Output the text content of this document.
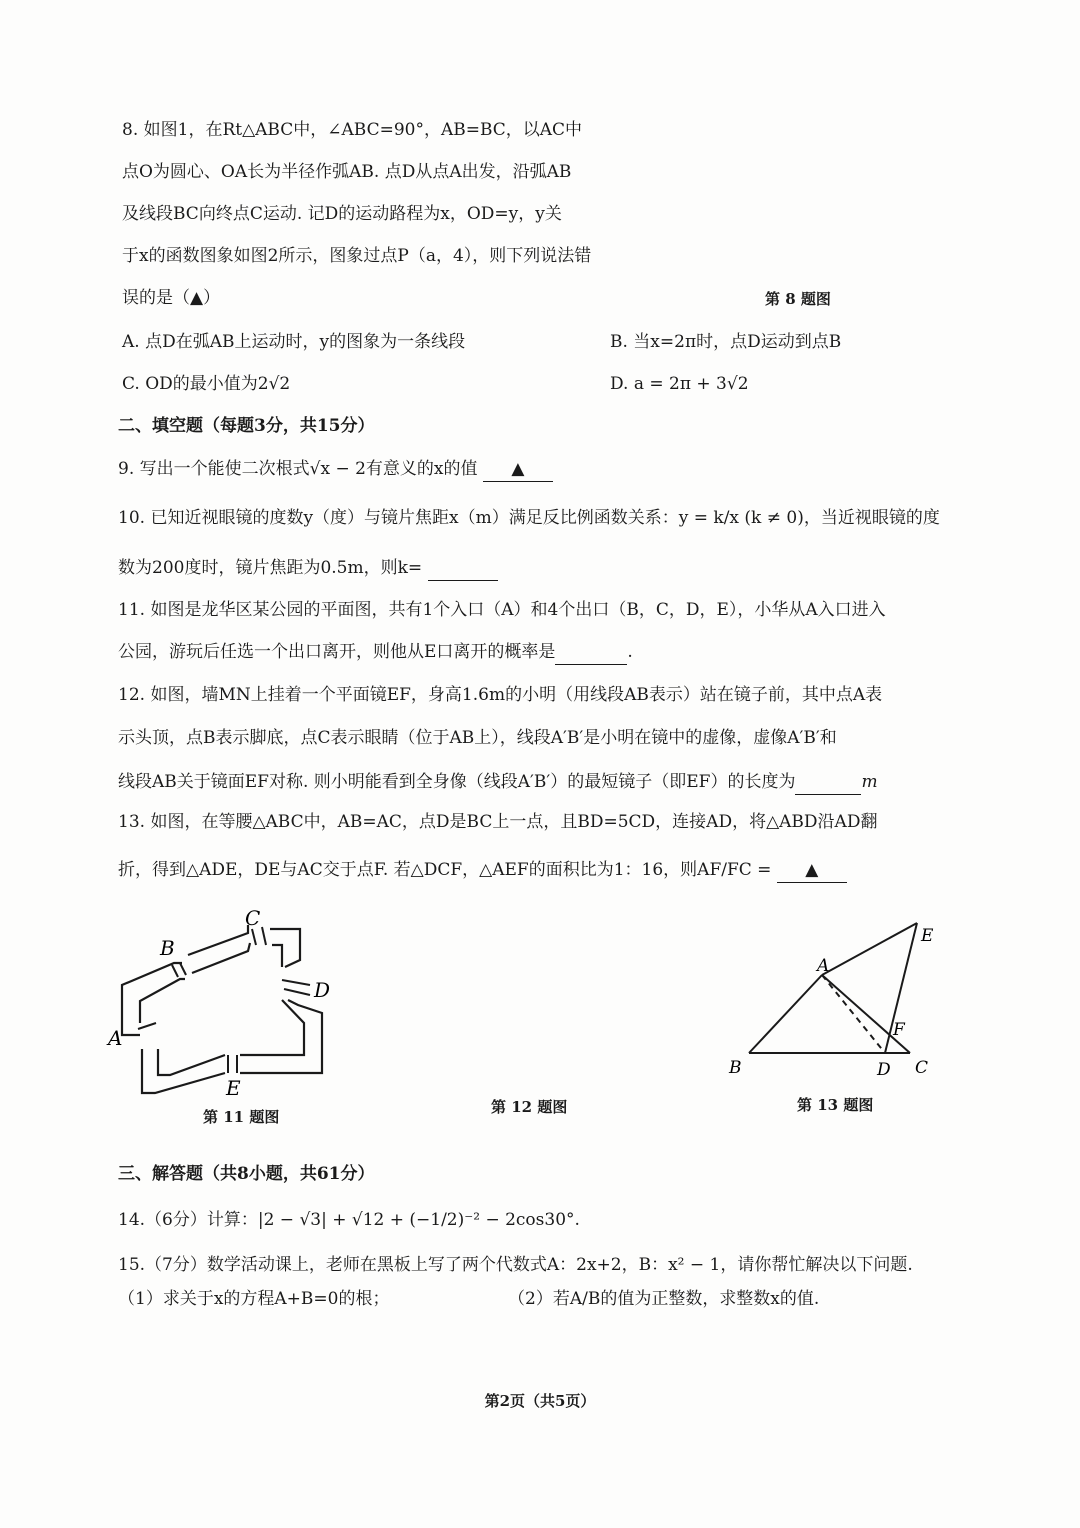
8. 如图1，在Rt△ABC中，∠ABC=90°，AB=BC，以AC中
点O为圆心、OA长为半径作弧AB. 点D从点A出发，沿弧AB
及线段BC向终点C运动. 记D的运动路程为x，OD=y，y关
于x的函数图象如图2所示，图象过点P（a，4），则下列说法错
误的是（▲）	第 8 题图
A. 点D在弧AB上运动时，y的图象为一条线段	B. 当x=2π时，点D运动到点B
C. OD的最小值为2√2	D. a = 2π + 3√2
二、填空题（每题3分，共15分）
9. 写出一个能使二次根式√x − 2有意义的x的值 ▲
10. 已知近视眼镜的度数y（度）与镜片焦距x（m）满足反比例函数关系：y = k/x (k ≠ 0)，当近视眼镜的度
数为200度时，镜片焦距为0.5m，则k=
11. 如图是龙华区某公园的平面图，共有1个入口（A）和4个出口（B，C，D，E），小华从A入口进入
公园，游玩后任选一个出口离开，则他从E口离开的概率是	.
12. 如图，墙MN上挂着一个平面镜EF，身高1.6m的小明（用线段AB表示）站在镜子前，其中点A表
示头顶，点B表示脚底，点C表示眼睛（位于AB上），线段A′B′是小明在镜中的虚像，虚像A′B′和
线段AB关于镜面EF对称. 则小明能看到全身像（线段A′B′）的最短镜子（即EF）的长度为	m
13. 如图，在等腰△ABC中，AB=AC，点D是BC上一点，且BD=5CD，连接AD，将△ABD沿AD翻
折，得到△ADE，DE与AC交于点F. 若△DCF，△AEF的面积比为1：16，则AF/FC = ▲
A
B
C
D
E
第 11 题图
第 12 题图
B
A
E
F
D C
第 13 题图
三、解答题（共8小题，共61分）
14.（6分）计算：|2 − √3| + √12 + (−1/2)⁻² − 2cos30°.
15.（7分）数学活动课上，老师在黑板上写了两个代数式A：2x+2，B：x² − 1，请你帮忙解决以下问题.
（1）求关于x的方程A+B=0的根；	（2）若A/B的值为正整数，求整数x的值.
第2页（共5页）
